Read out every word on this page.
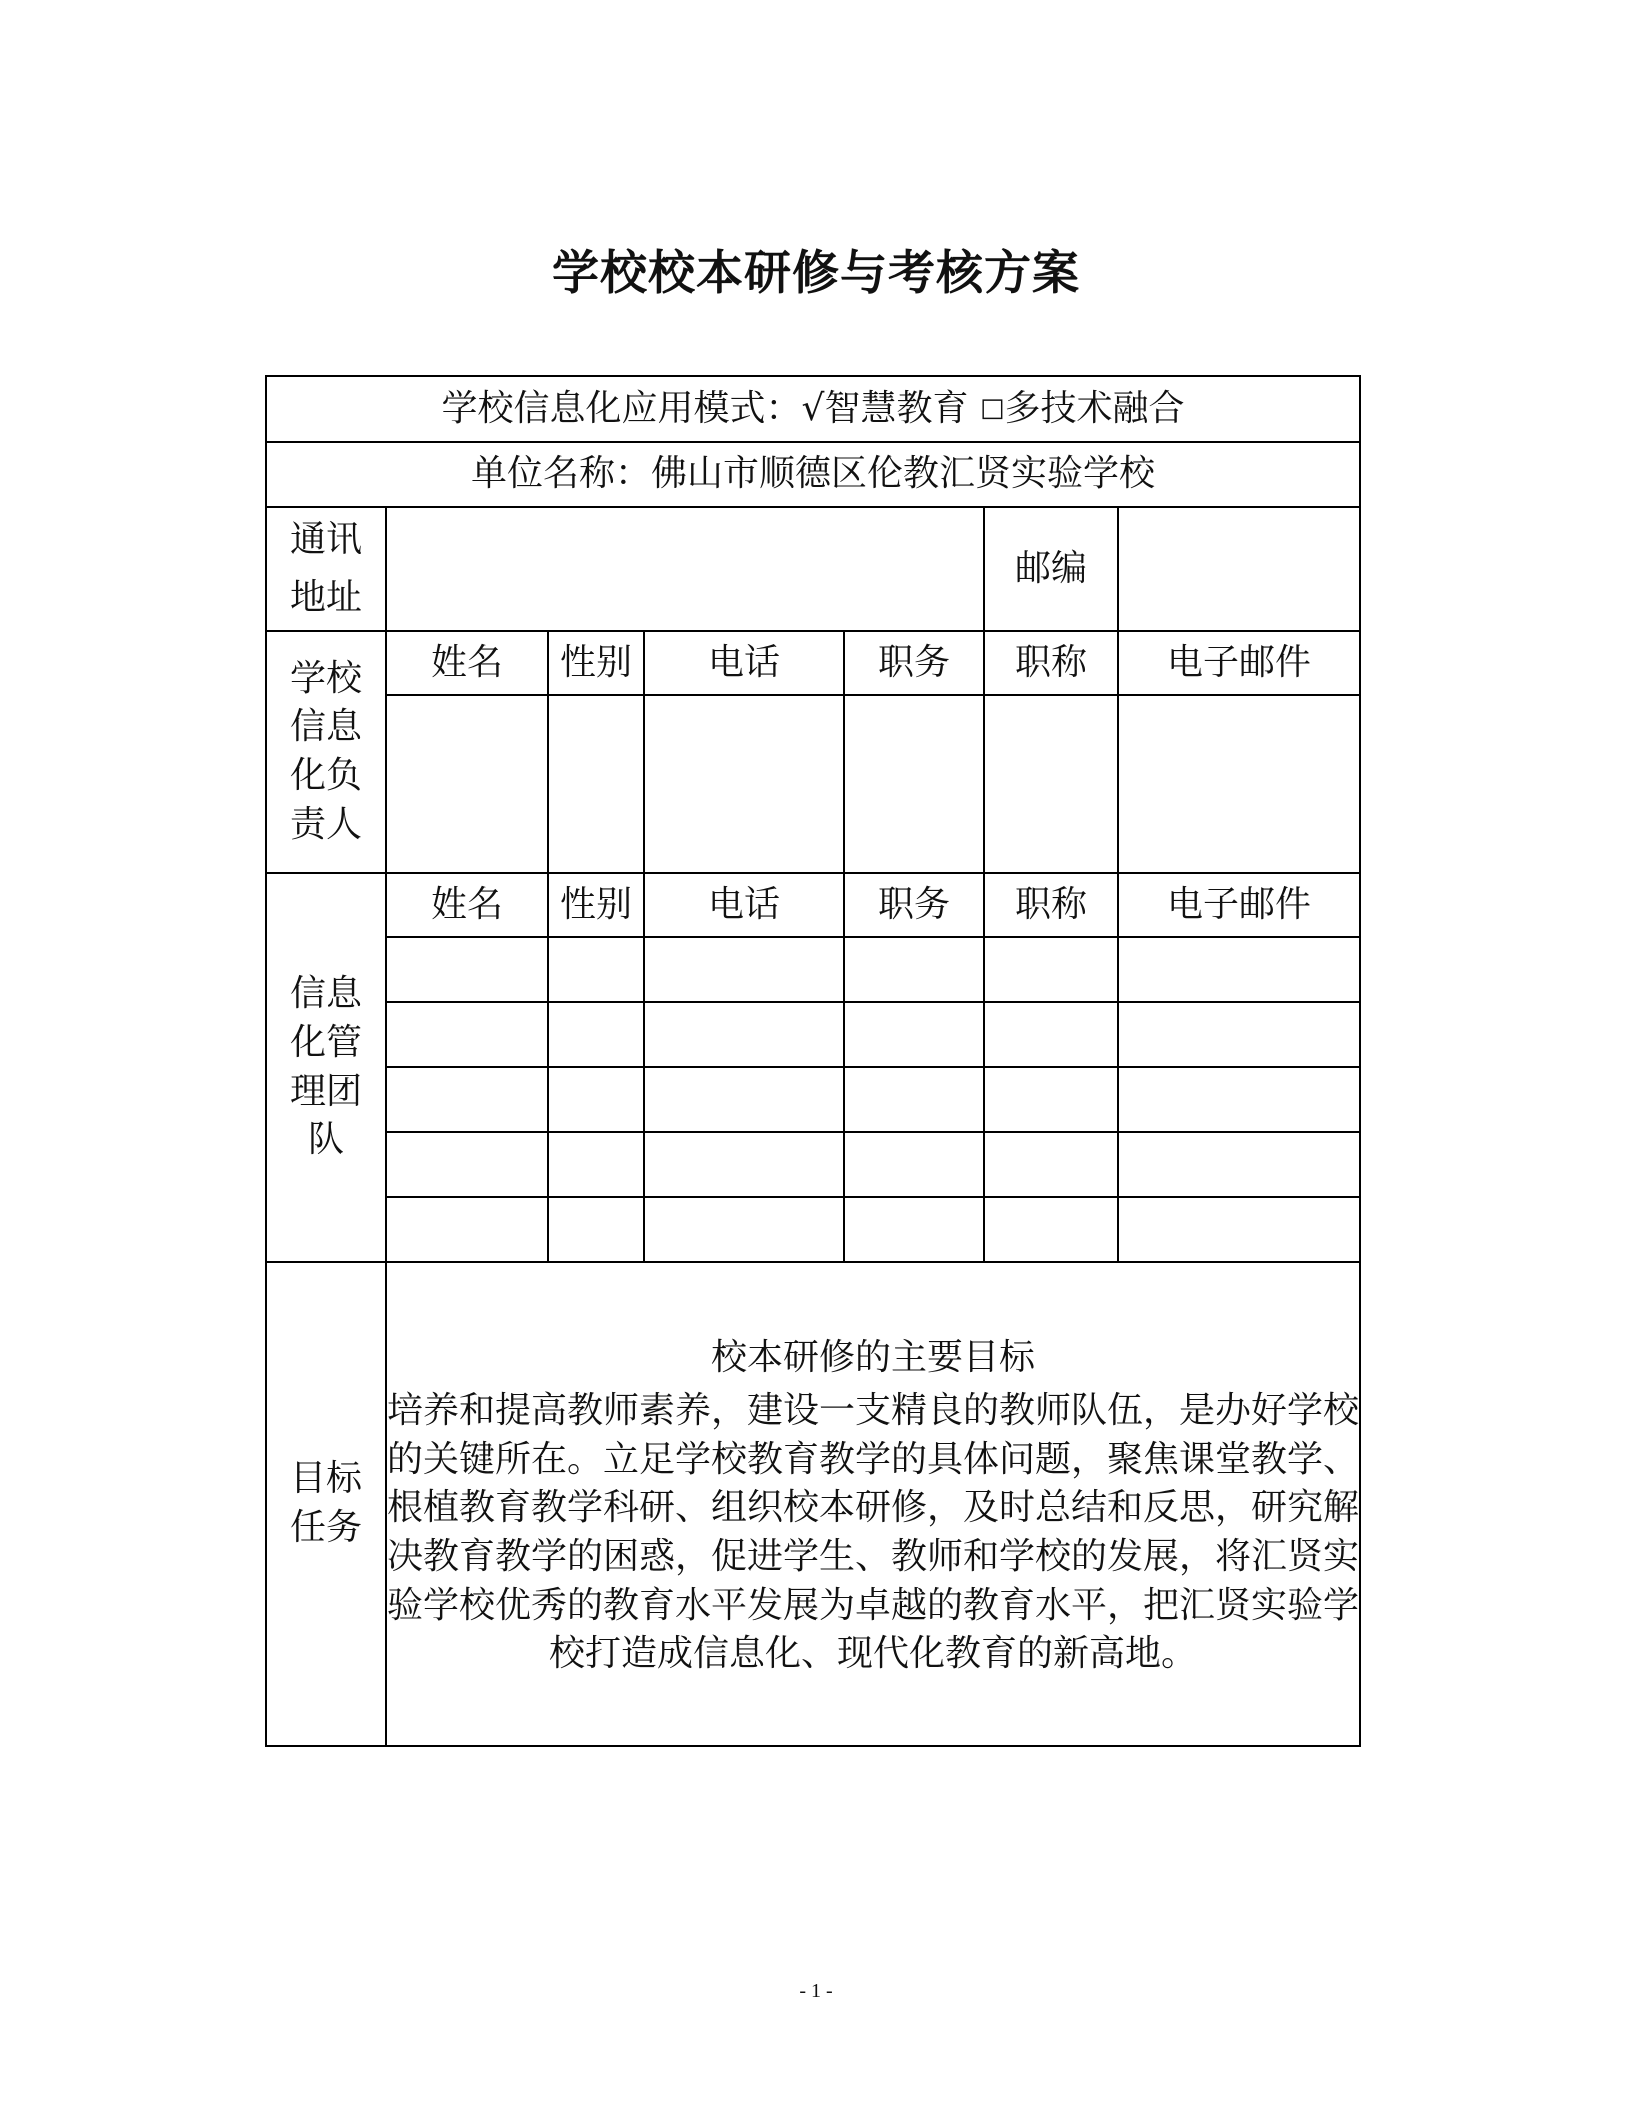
学校校本研修与考核方案
学校信息化应用模式：√智慧教育 □多技术融合						
单位名称：佛山市顺德区伦教汇贤实验学校						

通讯地址					邮编	

学校信息化负责人	姓名	性别	电话	职务	职称	电子邮件

信息化管理团队	姓名	性别	电话	职务	职称	电子邮件

目标任务	校本研修的主要目标
培养和提高教师素养，建设一支精良的教师队伍，是办好学校的关键所在。立足学校教育教学的具体问题，聚焦课堂教学、根植教育教学科研、组织校本研修，及时总结和反思，研究解决教育教学的困惑，促进学生、教师和学校的发展，将汇贤实验学校优秀的教育水平发展为卓越的教育水平，把汇贤实验学校打造成信息化、现代化教育的新高地。					
- 1 -
